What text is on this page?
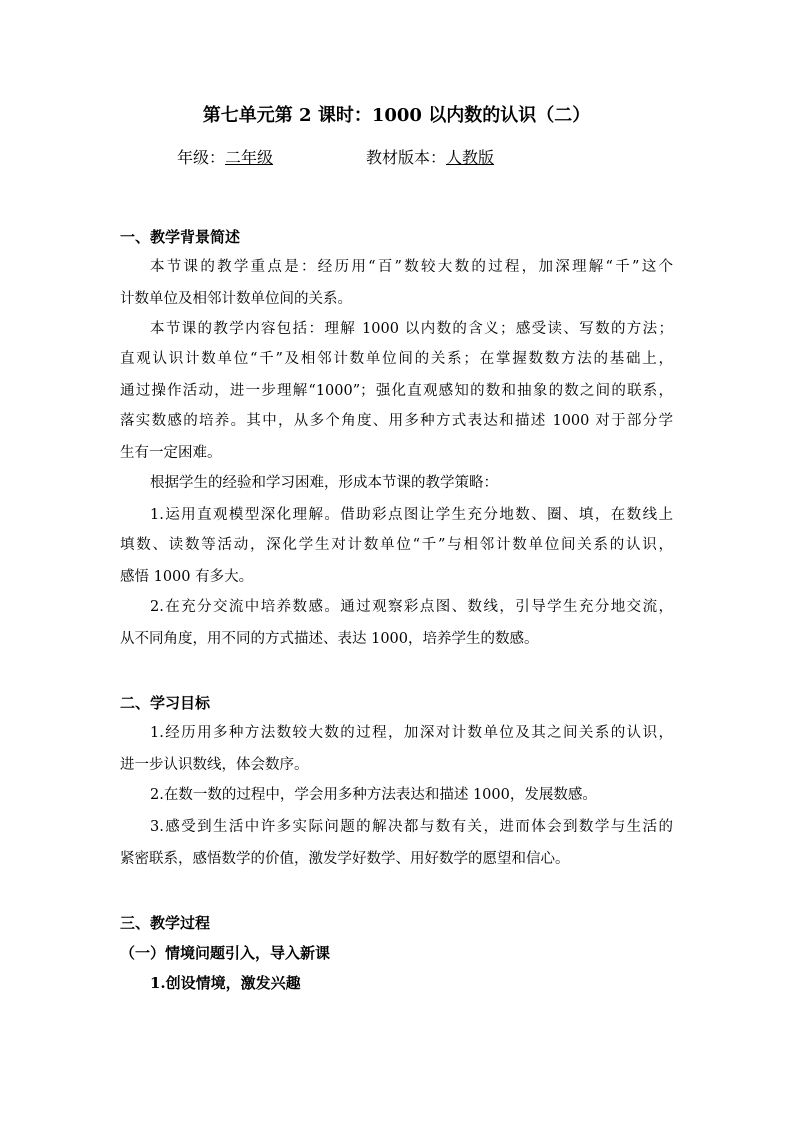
第七单元第 2 课时：1000 以内数的认识（二）
年级：二年级	教材版本：人教版
一、教学背景简述
本节课的教学重点是：经历用“百”数较大数的过程，加深理解“千”这个
计数单位及相邻计数单位间的关系。
本节课的教学内容包括：理解 1000 以内数的含义；感受读、写数的方法；
直观认识计数单位“千”及相邻计数单位间的关系；在掌握数数方法的基础上，
通过操作活动，进一步理解“1000”；强化直观感知的数和抽象的数之间的联系，
落实数感的培养。其中，从多个角度、用多种方式表达和描述 1000 对于部分学
生有一定困难。
根据学生的经验和学习困难，形成本节课的教学策略：
1.运用直观模型深化理解。借助彩点图让学生充分地数、圈、填，在数线上
填数、读数等活动，深化学生对计数单位“千”与相邻计数单位间关系的认识，
感悟 1000 有多大。
2.在充分交流中培养数感。通过观察彩点图、数线，引导学生充分地交流，
从不同角度，用不同的方式描述、表达 1000，培养学生的数感。
二、学习目标
1.经历用多种方法数较大数的过程，加深对计数单位及其之间关系的认识，
进一步认识数线，体会数序。
2.在数一数的过程中，学会用多种方法表达和描述 1000，发展数感。
3.感受到生活中许多实际问题的解决都与数有关，进而体会到数学与生活的
紧密联系，感悟数学的价值，激发学好数学、用好数学的愿望和信心。
三、教学过程
（一）情境问题引入，导入新课
1.创设情境，激发兴趣
